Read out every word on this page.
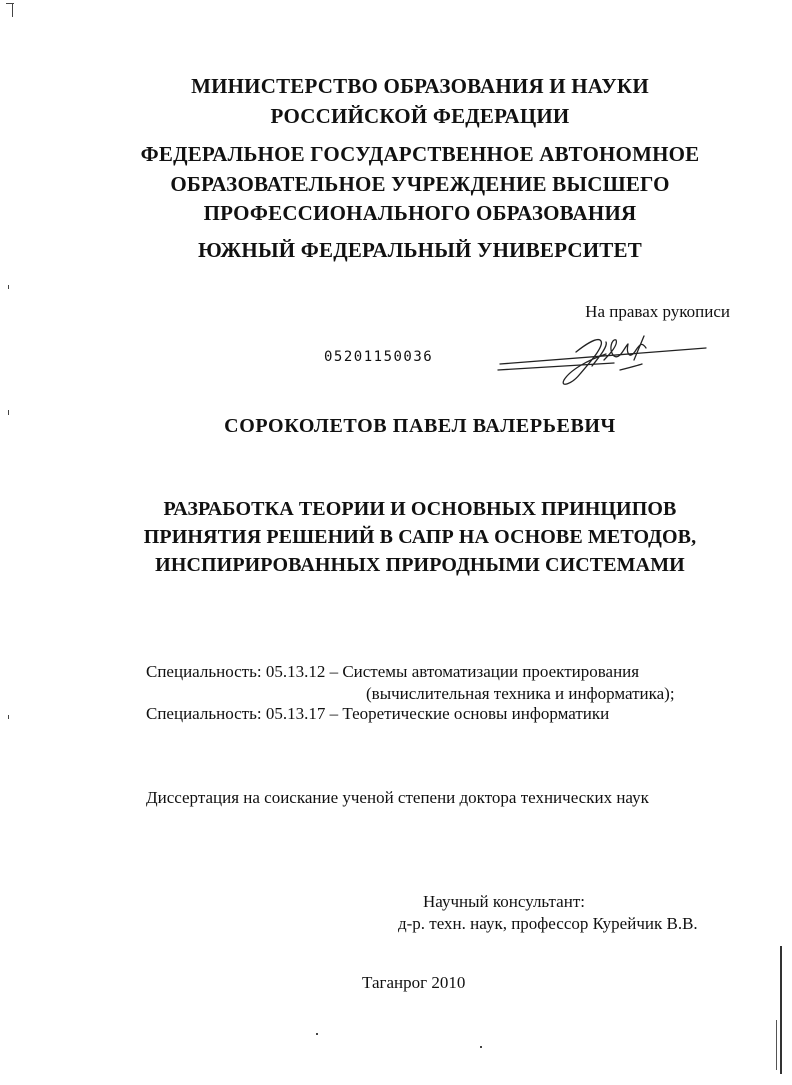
МИНИСТЕРСТВО ОБРАЗОВАНИЯ И НАУКИ
РОССИЙСКОЙ ФЕДЕРАЦИИ
ФЕДЕРАЛЬНОЕ ГОСУДАРСТВЕННОЕ АВТОНОМНОЕ
ОБРАЗОВАТЕЛЬНОЕ УЧРЕЖДЕНИЕ ВЫСШЕГО
ПРОФЕССИОНАЛЬНОГО ОБРАЗОВАНИЯ
ЮЖНЫЙ ФЕДЕРАЛЬНЫЙ УНИВЕРСИТЕТ
На правах рукописи
05201150036
СОРОКОЛЕТОВ ПАВЕЛ ВАЛЕРЬЕВИЧ
РАЗРАБОТКА ТЕОРИИ И ОСНОВНЫХ ПРИНЦИПОВ
ПРИНЯТИЯ РЕШЕНИЙ В САПР НА ОСНОВЕ МЕТОДОВ,
ИНСПИРИРОВАННЫХ ПРИРОДНЫМИ СИСТЕМАМИ
Специальность: 05.13.12 – Системы автоматизации проектирования
(вычислительная техника и информатика);
Специальность: 05.13.17 – Теоретические основы информатики
Диссертация на соискание ученой степени доктора технических наук
Научный консультант:
д-р. техн. наук, профессор Курейчик В.В.
Таганрог 2010
